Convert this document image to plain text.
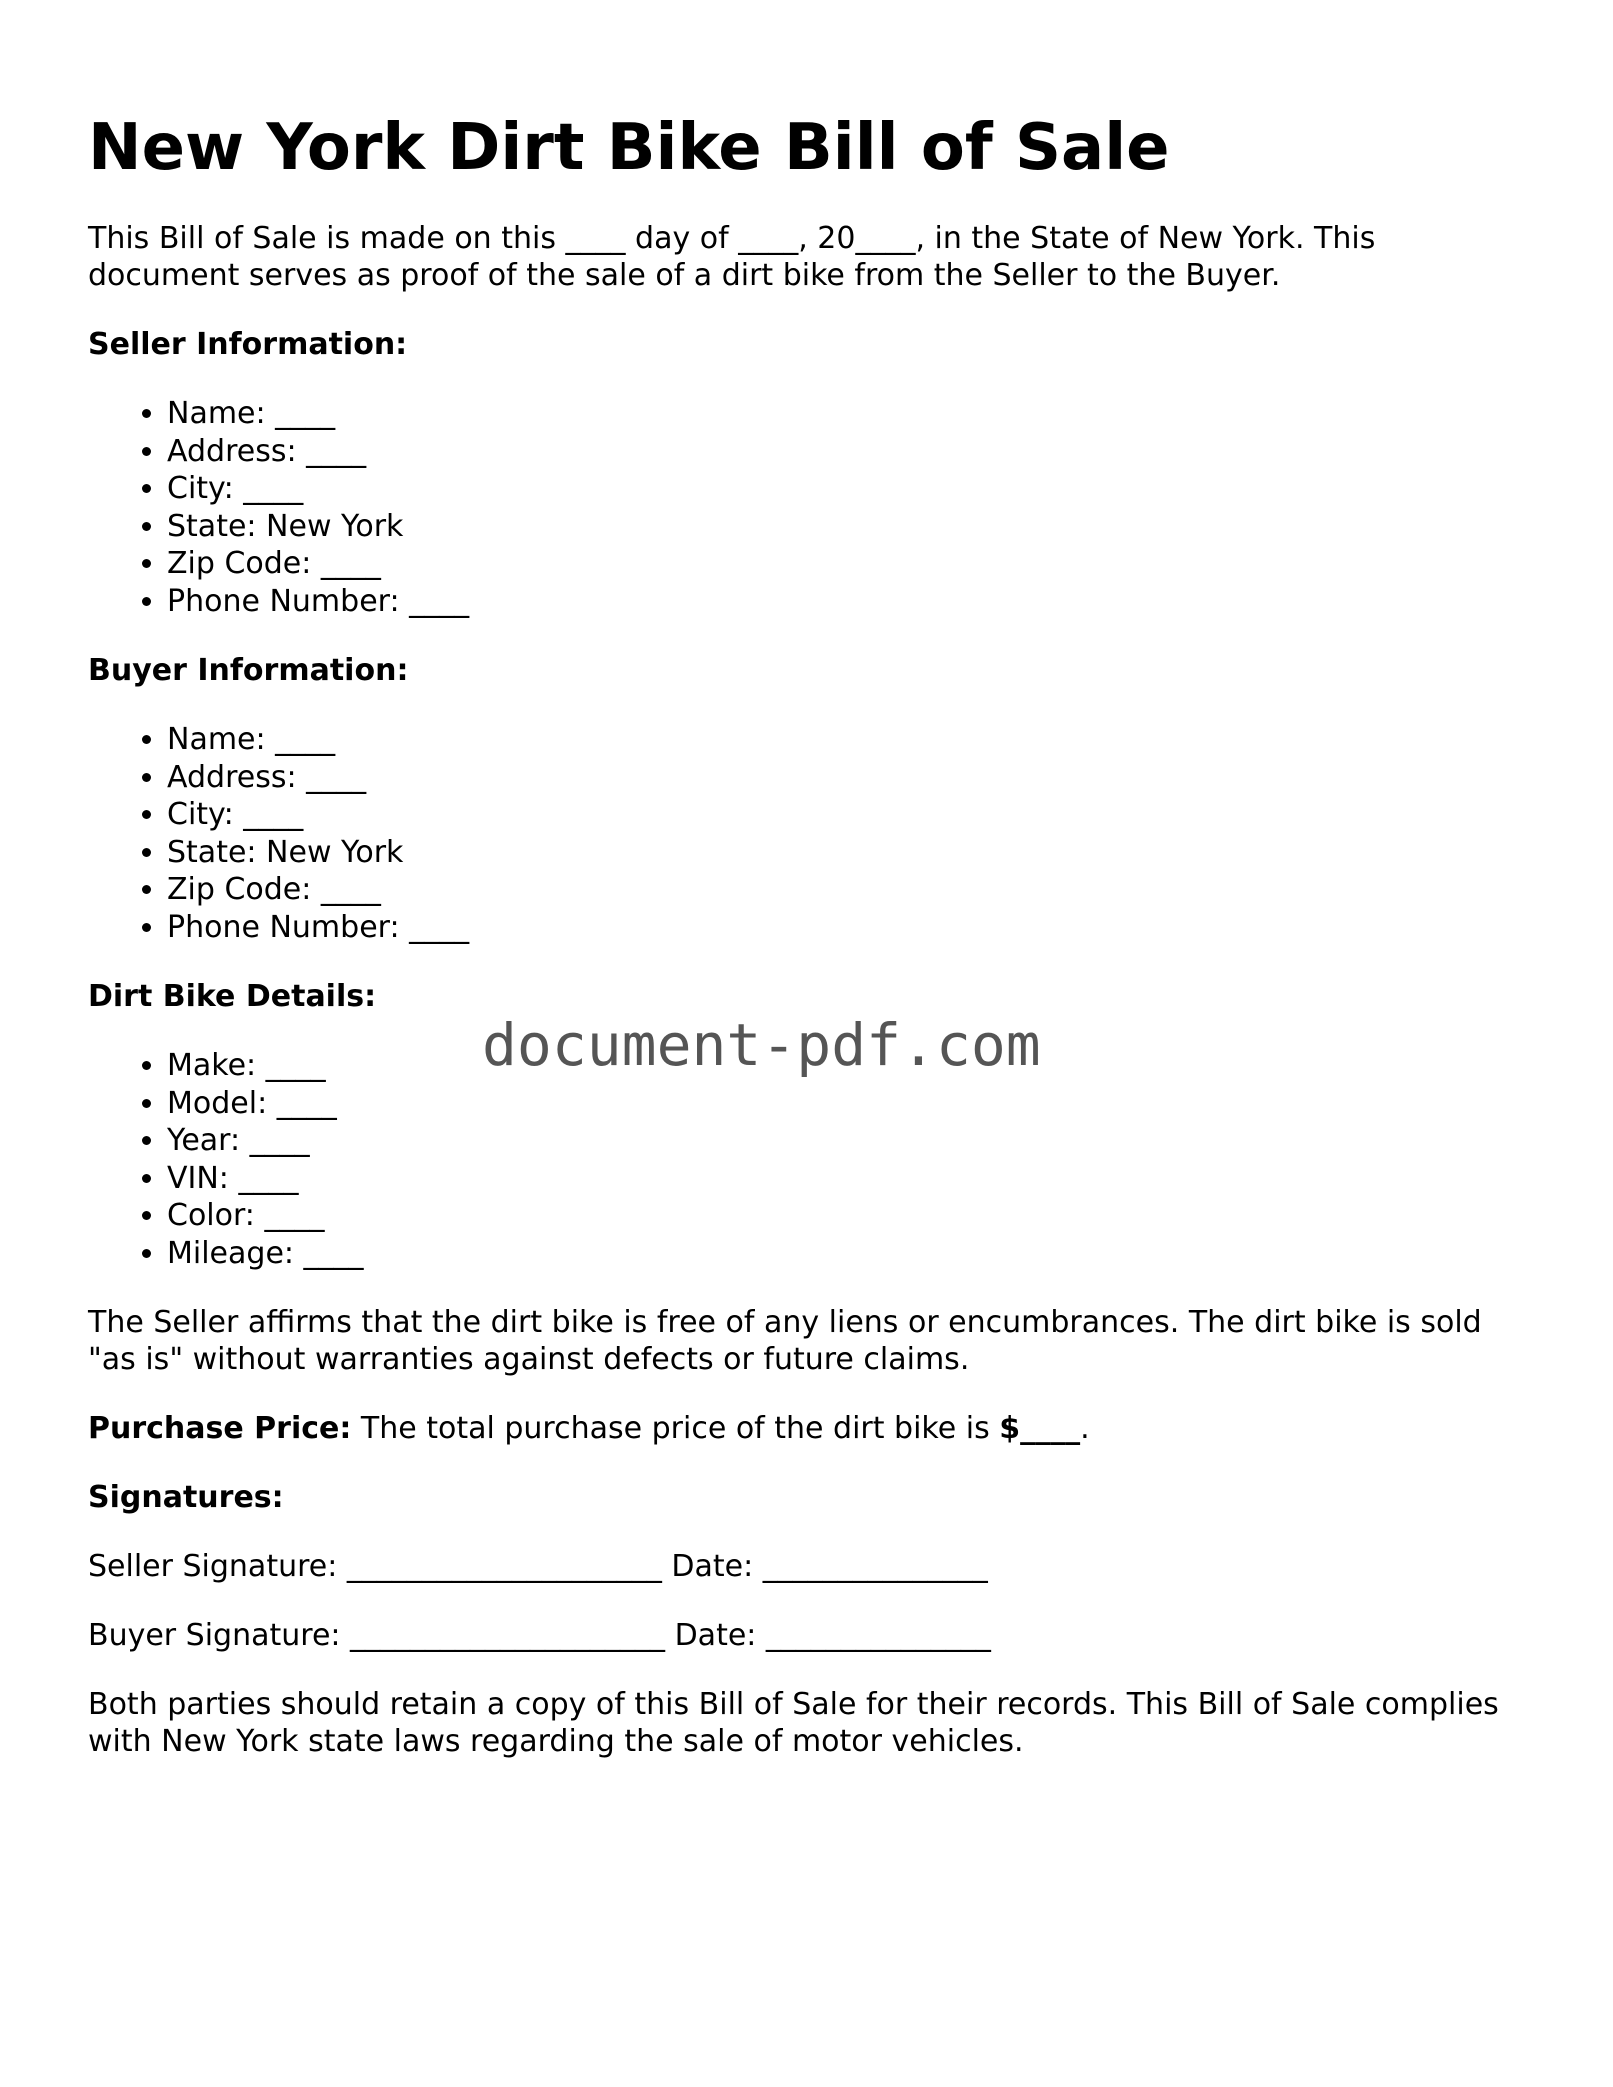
New York Dirt Bike Bill of Sale

This Bill of Sale is made on this ____ day of ____, 20____, in the State of New York. This document serves as proof of the sale of a dirt bike from the Seller to the Buyer.

Seller Information:
• Name: ____
• Address: ____
• City: ____
• State: New York
• Zip Code: ____
• Phone Number: ____
Buyer Information:
• Name: ____
• Address: ____
• City: ____
• State: New York
• Zip Code: ____
• Phone Number: ____
Dirt Bike Details:
• Make: ____
• Model: ____
• Year: ____
• VIN: ____
• Color: ____
• Mileage: ____

The Seller affirms that the dirt bike is free of any liens or encumbrances. The dirt bike is sold "as is" without warranties against defects or future claims.

Purchase Price: The total purchase price of the dirt bike is $____.

Signatures:
Seller Signature: _____________________ Date: _______________
Buyer Signature: _____________________ Date: _______________

Both parties should retain a copy of this Bill of Sale for their records. This Bill of Sale complies with New York state laws regarding the sale of motor vehicles.

document-pdf.com
